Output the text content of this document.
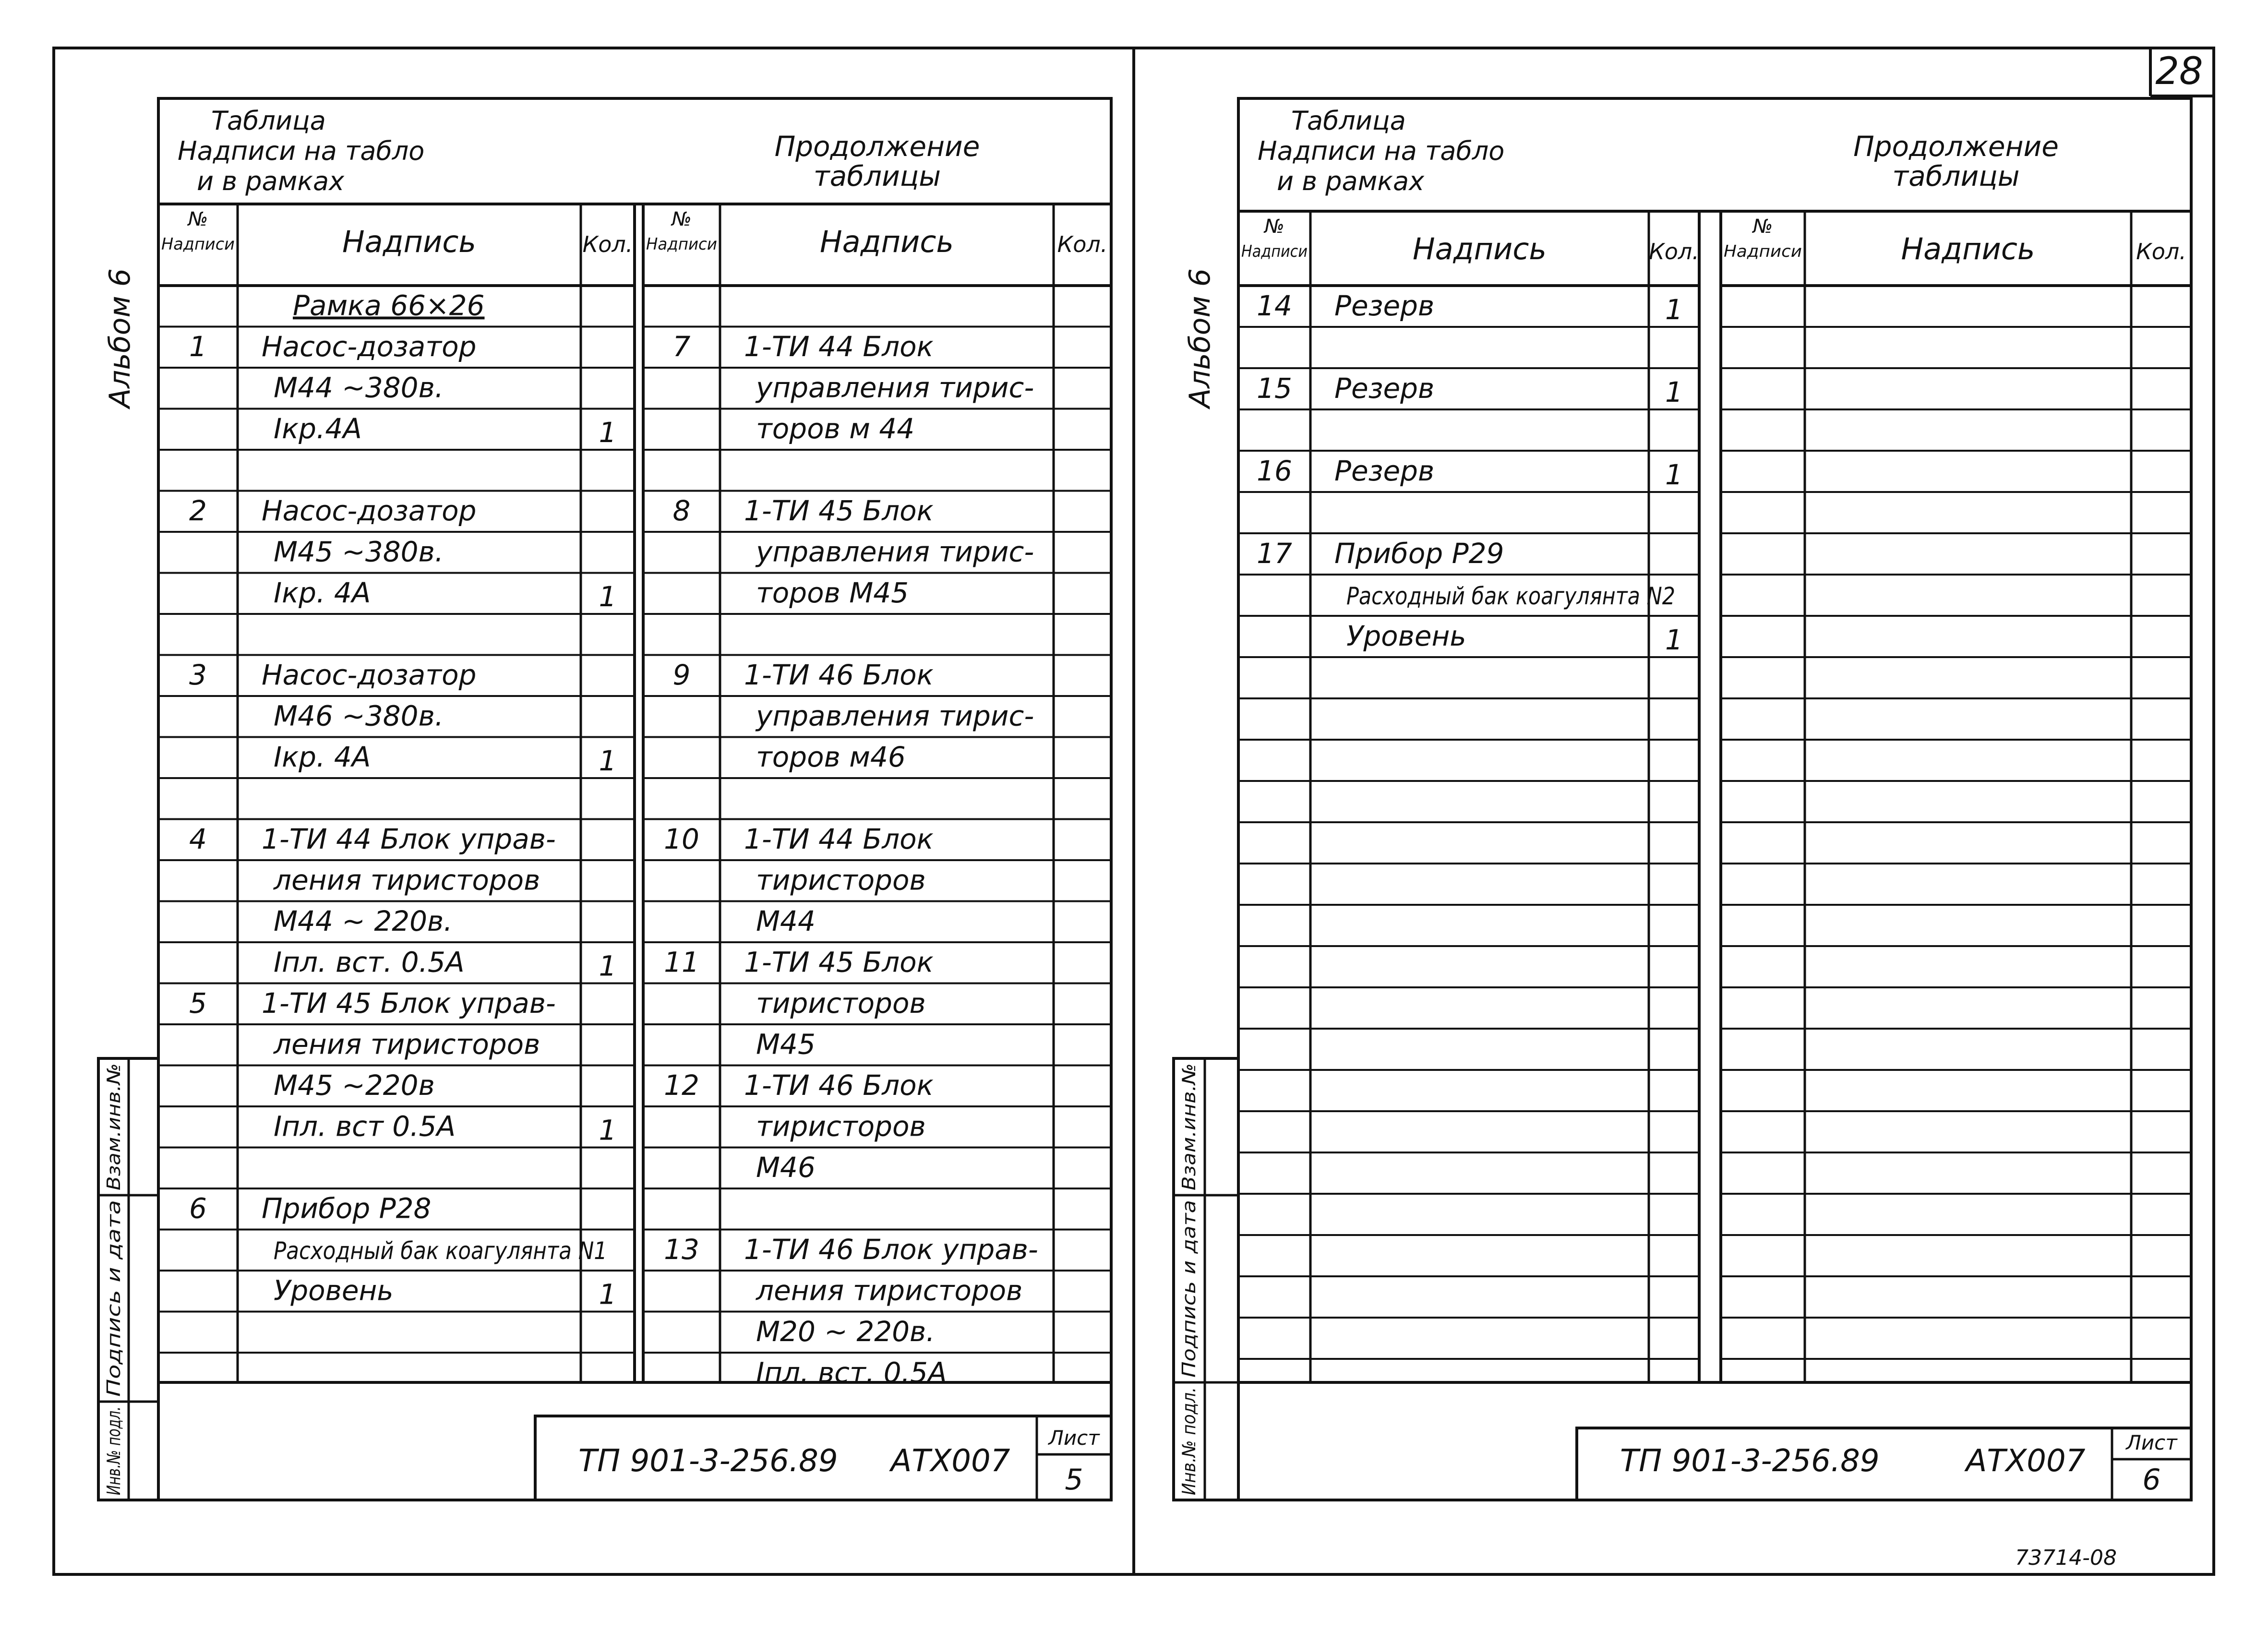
28
73714-08
Таблица
Надписи на табло
и в рамках
Продолжение
таблицы
Альбом 6
№
Надписи	Надпись	Кол.
Рамка 66×26
1 Насос-дозатор
М44 ~380в.
Iкр.4А	1
2 Насос-дозатор
М45 ~380в.
Iкр. 4А	1
3 Насос-дозатор
М46 ~380в.
Iкр. 4А	1
4 1-ТИ 44 Блок управ-
ления тиристоров
М44 ~ 220в.
Iпл. вст. 0.5А	1
5 1-ТИ 45 Блок управ-
ления тиристоров
М45 ~220в
Iпл. вст 0.5А	1
6 Прибор Р28
Расходный бак коагулянта N1
Уровень	1
№
Надписи	Надпись	Кол.
7 1-ТИ 44 Блок
управления тирис-
торов м 44
8 1-ТИ 45 Блок
управления тирис-
торов М45
9 1-ТИ 46 Блок
управления тирис-
торов м46
10 1-ТИ 44 Блок
тиристоров
М44
11 1-ТИ 45 Блок
тиристоров
М45
12 1-ТИ 46 Блок
тиристоров
М46
13 1-ТИ 46 Блок управ-
ления тиристоров
М20 ~ 220в.
Iпл. вст. 0.5А
Инв.№ подл.
Подпись и дата
Взам.инв.№
ТП 901-3-256.89 АТХ007
Лист
5
Таблица
Надписи на табло
и в рамках
Продолжение
таблицы
Альбом 6
№
Надписи	Надпись	Кол.
14 Резерв	1
15 Резерв	1
16 Резерв	1
17 Прибор Р29
Расходный бак коагулянта N2
Уровень	1
№
Надписи	Надпись	Кол.
Инв.№ подл.
Подпись и дата
Взам.инв.№
ТП 901-3-256.89	АТХ007
Лист
6
